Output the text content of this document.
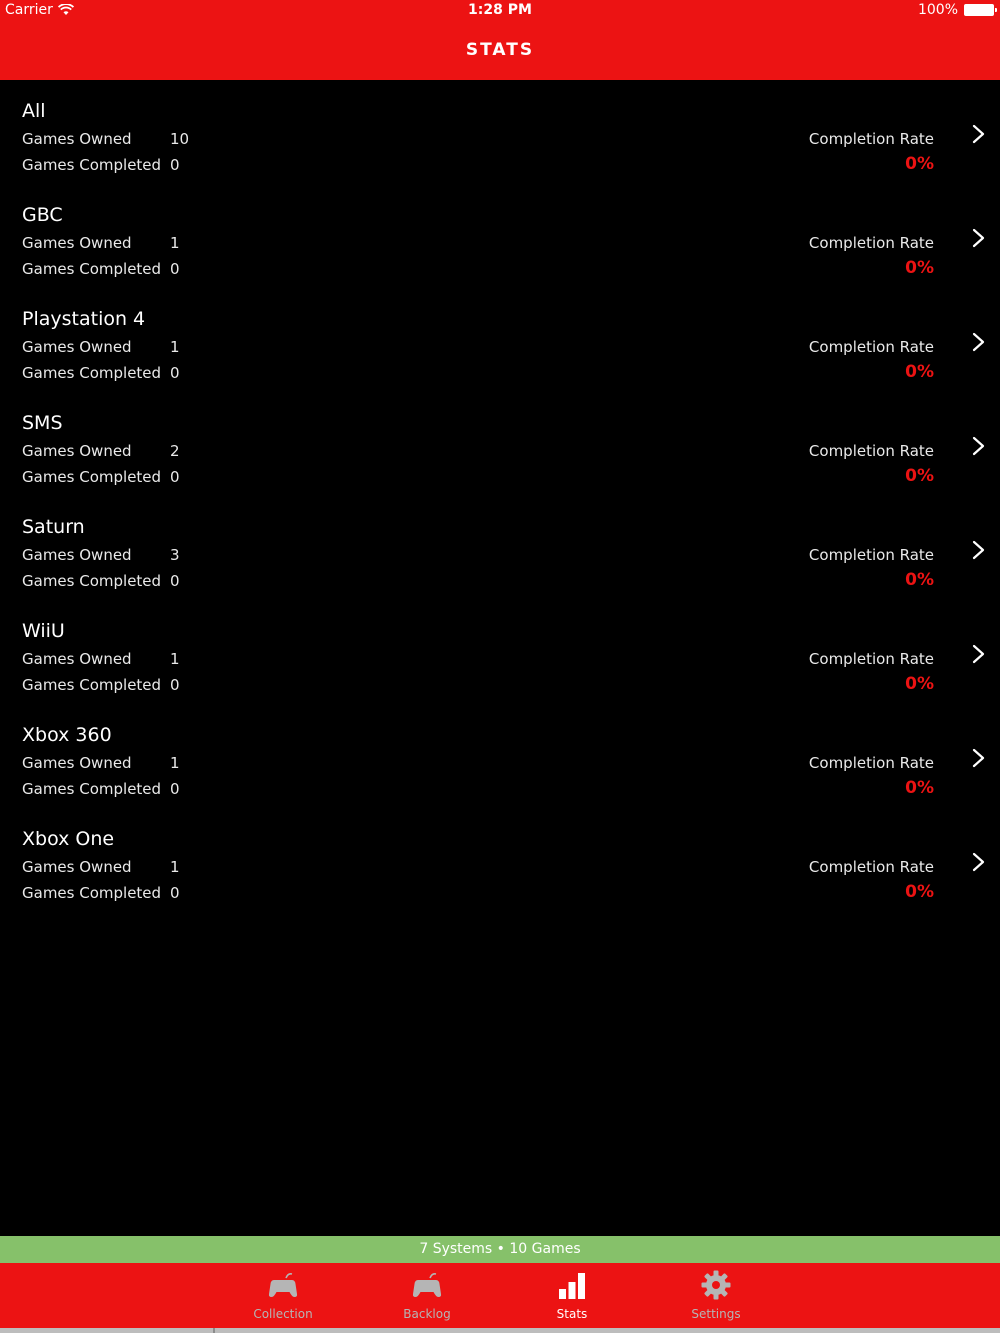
Carrier	1:28 PM	100%
STATS
All
Games Owned	10
Games Completed 0
Completion Rate
0%
GBC
Games Owned	1
Games Completed 0
Completion Rate
0%
Playstation 4
Games Owned	1
Games Completed 0
Completion Rate
0%
SMS
Games Owned	2
Games Completed 0
Completion Rate
0%
Saturn
Games Owned	3
Games Completed 0
Completion Rate
0%
WiiU
Games Owned	1
Games Completed 0
Completion Rate
0%
Xbox 360
Games Owned	1
Games Completed 0
Completion Rate
0%
Xbox One
Games Owned	1
Games Completed 0
Completion Rate
0%
7 Systems • 10 Games
Collection	Backlog	Stats	Settings
